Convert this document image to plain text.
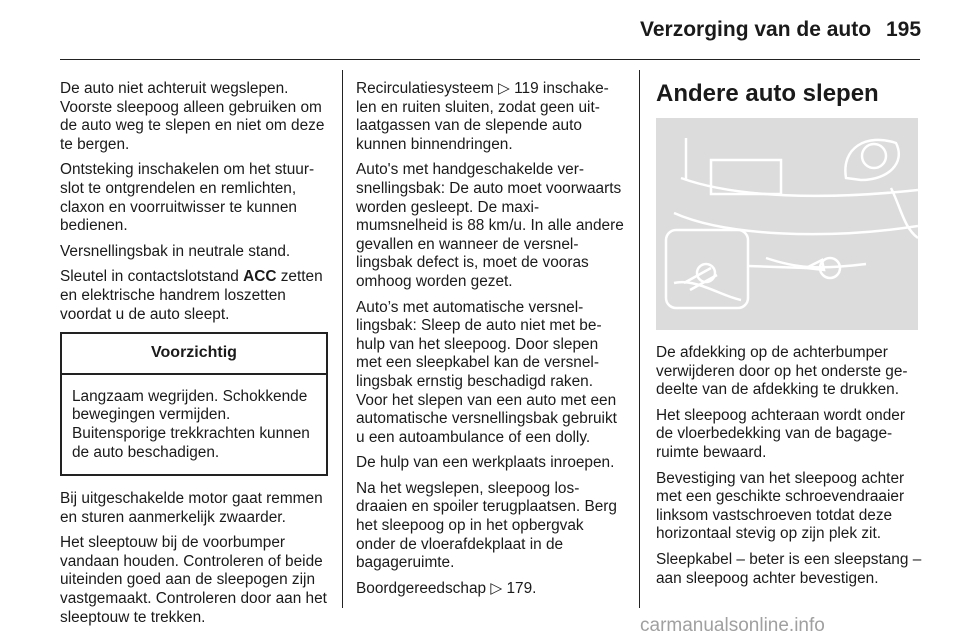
Verzorging van de auto 195

De auto niet achteruit wegslepen. Voorste sleepoog alleen gebruiken om de auto weg te slepen en niet om deze te bergen.

Ontsteking inschakelen om het stuurslot te ontgrendelen en remlichten, claxon en voorruitwisser te kunnen bedienen.

Versnellingsbak in neutrale stand.

Sleutel in contactslotstand ACC zetten en elektrische handrem loszetten voordat u de auto sleept.

Voorzichtig
Langzaam wegrijden. Schokkende bewegingen vermijden. Buitensporige trekkrachten kunnen de auto beschadigen.

Bij uitgeschakelde motor gaat remmen en sturen aanmerkelijk zwaarder.

Het sleeptouw bij de voorbumper vandaan houden. Controleren of beide uiteinden goed aan de sleepogen zijn vastgemaakt. Controleren door aan het sleeptouw te trekken.

Recirculatiesysteem ▷ 119 inschakelen en ruiten sluiten, zodat geen uitlaatgassen van de slepende auto kunnen binnendringen.

Auto's met handgeschakelde versnellingsbak: De auto moet voorwaarts worden gesleept. De maximumsnelheid is 88 km/u. In alle andere gevallen en wanneer de versnellingsbak defect is, moet de vooras omhoog worden gezet.

Auto’s met automatische versnellingsbak: Sleep de auto niet met behulp van het sleepoog. Door slepen met een sleepkabel kan de versnellingsbak ernstig beschadigd raken. Voor het slepen van een auto met een automatische versnellingsbak gebruikt u een autoambulance of een dolly.

De hulp van een werkplaats inroepen.

Na het wegslepen, sleepoog losdraaien en spoiler terugplaatsen. Berg het sleepoog op in het opbergvak onder de vloerafdekplaat in de bagageruimte.

Boordgereedschap ▷ 179.

Andere auto slepen

De afdekking op de achterbumper verwijderen door op het onderste gedeelte van de afdekking te drukken.

Het sleepoog achteraan wordt onder de vloerbedekking van de bagageruimte bewaard.

Bevestiging van het sleepoog achter met een geschikte schroevendraaier linksom vastschroeven totdat deze horizontaal stevig op zijn plek zit.

Sleepkabel – beter is een sleepstang – aan sleepoog achter bevestigen.

carmanualsonline.info
